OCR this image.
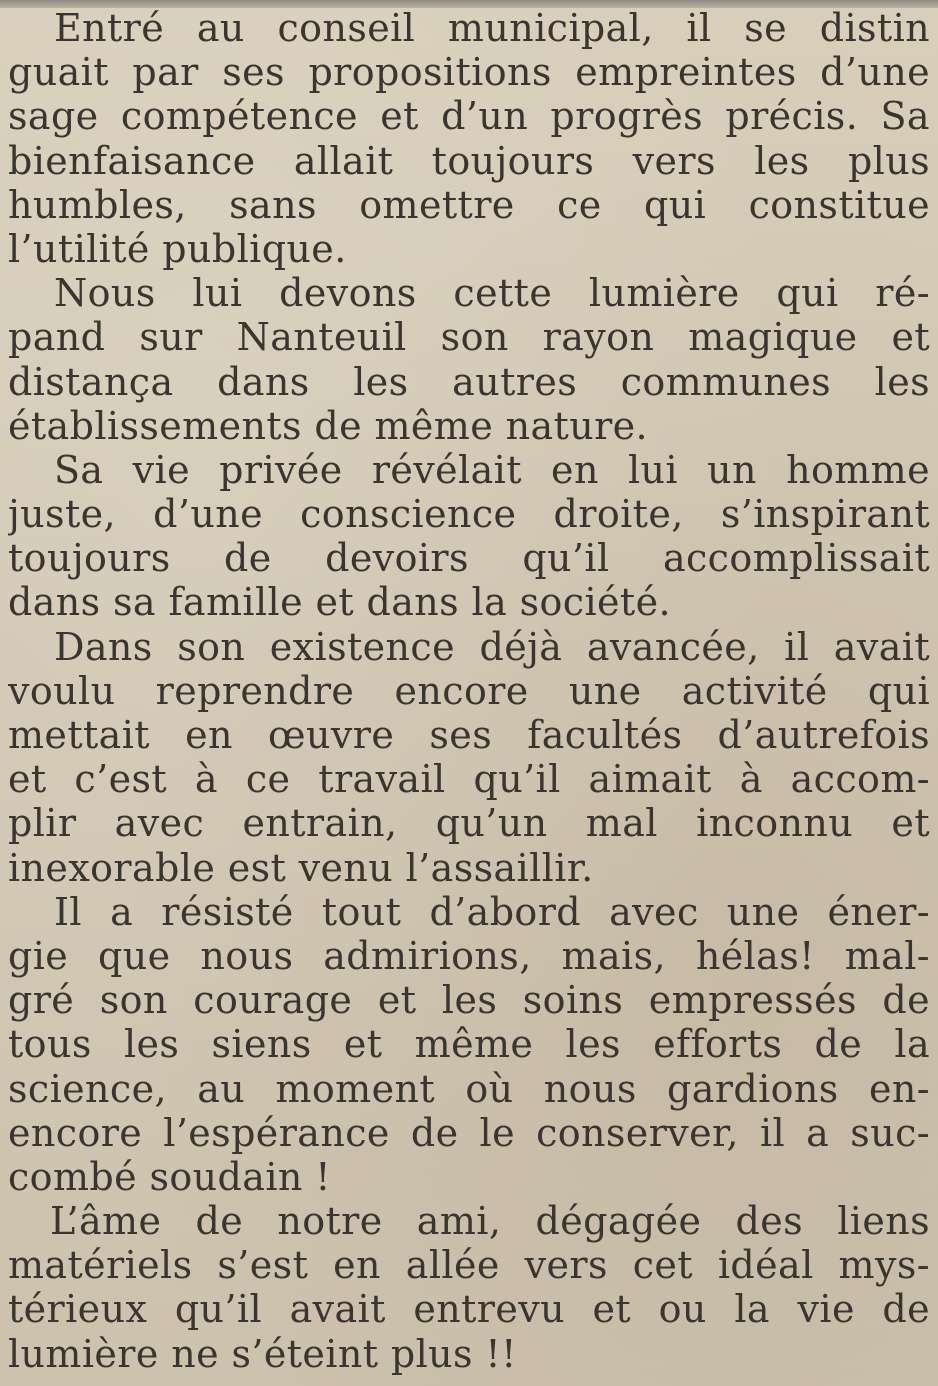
Entré au conseil municipal, il se distin
guait par ses propositions empreintes d’une
sage compétence et d’un progrès précis. Sa
bienfaisance allait toujours vers les plus
humbles, sans omettre ce qui constitue
l’utilité publique.
Nous lui devons cette lumière qui ré-
pand sur Nanteuil son rayon magique et
distança dans les autres communes les
établissements de même nature.
Sa vie privée révélait en lui un homme
juste, d’une conscience droite, s’inspirant
toujours de devoirs qu’il accomplissait
dans sa famille et dans la société.
Dans son existence déjà avancée, il avait
voulu reprendre encore une activité qui
mettait en œuvre ses facultés d’autrefois
et c’est à ce travail qu’il aimait à accom-
plir avec entrain, qu’un mal inconnu et
inexorable est venu l’assaillir.
Il a résisté tout d’abord avec une éner-
gie que nous admirions, mais, hélas! mal-
gré son courage et les soins empressés de
tous les siens et même les efforts de la
science, au moment où nous gardions en-
encore l’espérance de le conserver, il a suc-
combé soudain !
L’âme de notre ami, dégagée des liens
matériels s’est en allée vers cet idéal mys-
térieux qu’il avait entrevu et ou la vie de
lumière ne s’éteint plus !!
